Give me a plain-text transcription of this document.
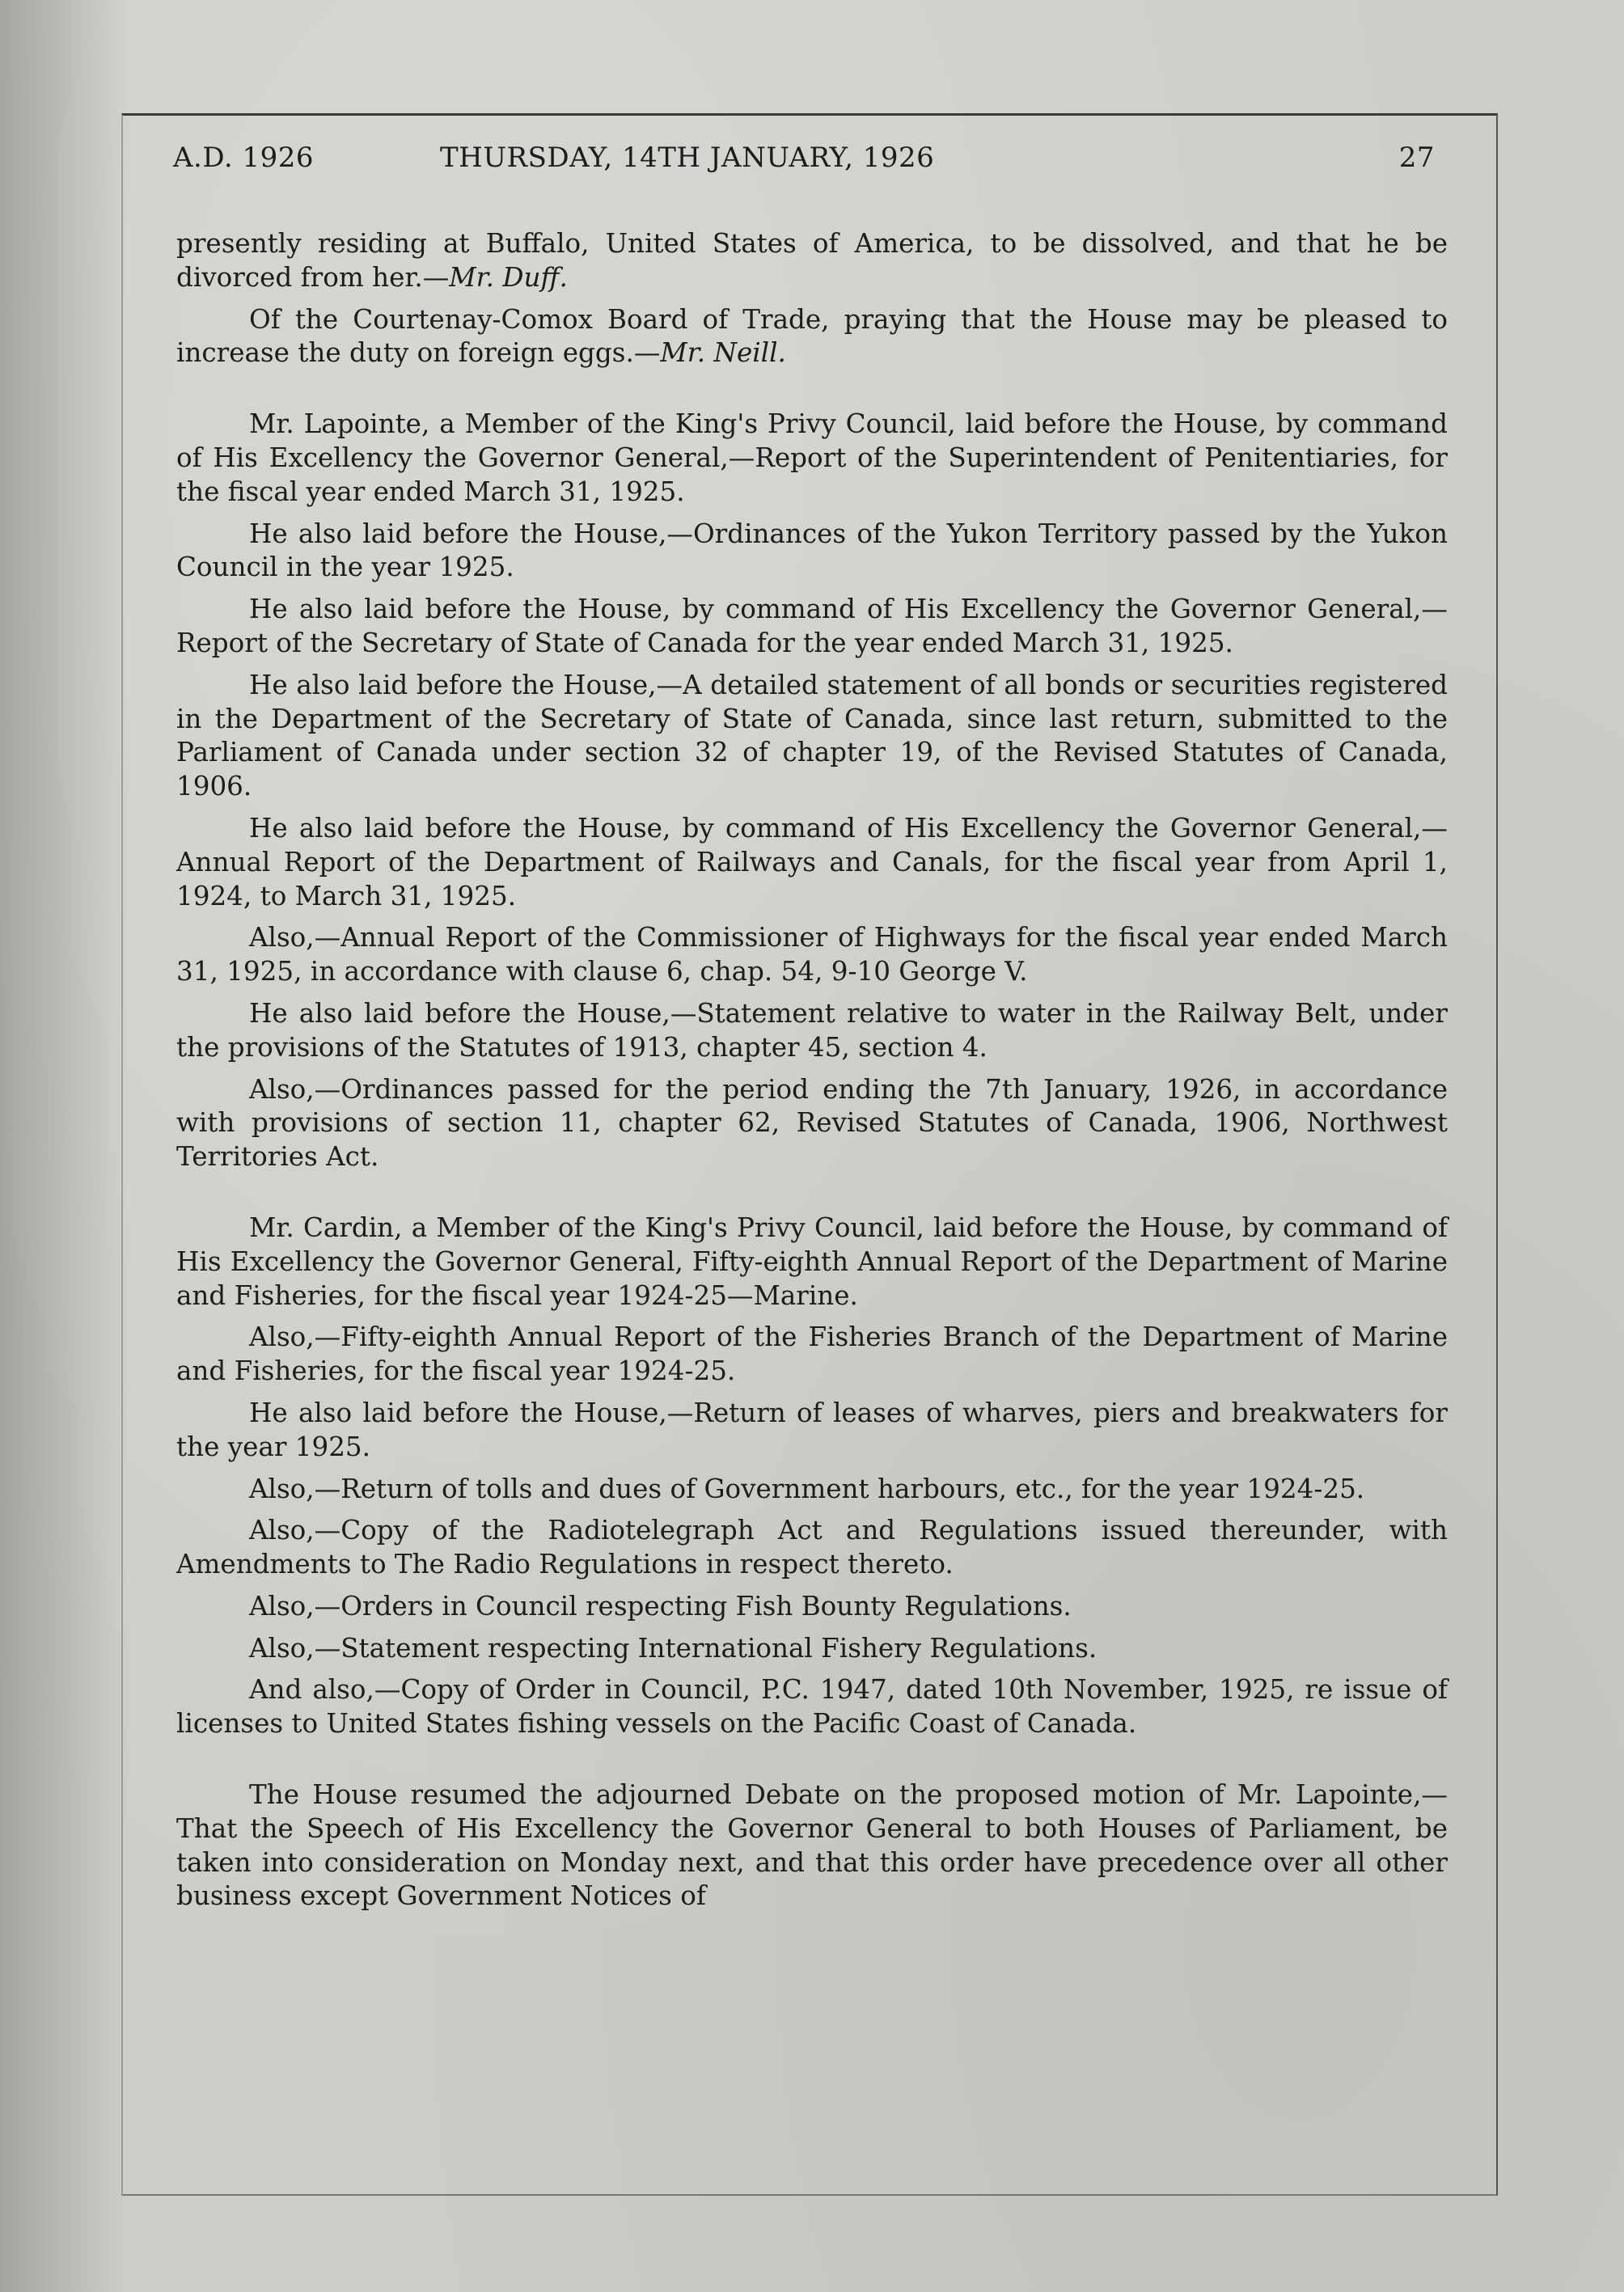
A.D. 1926	THURSDAY, 14TH JANUARY, 1926	27

presently residing at Buffalo, United States of America, to be dissolved, and that he be divorced from her.—Mr. Duff.

Of the Courtenay-Comox Board of Trade, praying that the House may be pleased to increase the duty on foreign eggs.—Mr. Neill.

Mr. Lapointe, a Member of the King's Privy Council, laid before the House, by command of His Excellency the Governor General,—Report of the Superintendent of Penitentiaries, for the fiscal year ended March 31, 1925.

He also laid before the House,—Ordinances of the Yukon Territory passed by the Yukon Council in the year 1925.

He also laid before the House, by command of His Excellency the Governor General,—Report of the Secretary of State of Canada for the year ended March 31, 1925.

He also laid before the House,—A detailed statement of all bonds or securities registered in the Department of the Secretary of State of Canada, since last return, submitted to the Parliament of Canada under section 32 of chapter 19, of the Revised Statutes of Canada, 1906.

He also laid before the House, by command of His Excellency the Governor General,—Annual Report of the Department of Railways and Canals, for the fiscal year from April 1, 1924, to March 31, 1925.

Also,—Annual Report of the Commissioner of Highways for the fiscal year ended March 31, 1925, in accordance with clause 6, chap. 54, 9-10 George V.

He also laid before the House,—Statement relative to water in the Railway Belt, under the provisions of the Statutes of 1913, chapter 45, section 4.

Also,—Ordinances passed for the period ending the 7th January, 1926, in accordance with provisions of section 11, chapter 62, Revised Statutes of Canada, 1906, Northwest Territories Act.

Mr. Cardin, a Member of the King's Privy Council, laid before the House, by command of His Excellency the Governor General, Fifty-eighth Annual Report of the Department of Marine and Fisheries, for the fiscal year 1924-25—Marine.

Also,—Fifty-eighth Annual Report of the Fisheries Branch of the Department of Marine and Fisheries, for the fiscal year 1924-25.

He also laid before the House,—Return of leases of wharves, piers and breakwaters for the year 1925.

Also,—Return of tolls and dues of Government harbours, etc., for the year 1924-25.

Also,—Copy of the Radiotelegraph Act and Regulations issued thereunder, with Amendments to The Radio Regulations in respect thereto.

Also,—Orders in Council respecting Fish Bounty Regulations.

Also,—Statement respecting International Fishery Regulations.

And also,—Copy of Order in Council, P.C. 1947, dated 10th November, 1925, re issue of licenses to United States fishing vessels on the Pacific Coast of Canada.

The House resumed the adjourned Debate on the proposed motion of Mr. Lapointe,—That the Speech of His Excellency the Governor General to both Houses of Parliament, be taken into consideration on Monday next, and that this order have precedence over all other business except Government Notices of
